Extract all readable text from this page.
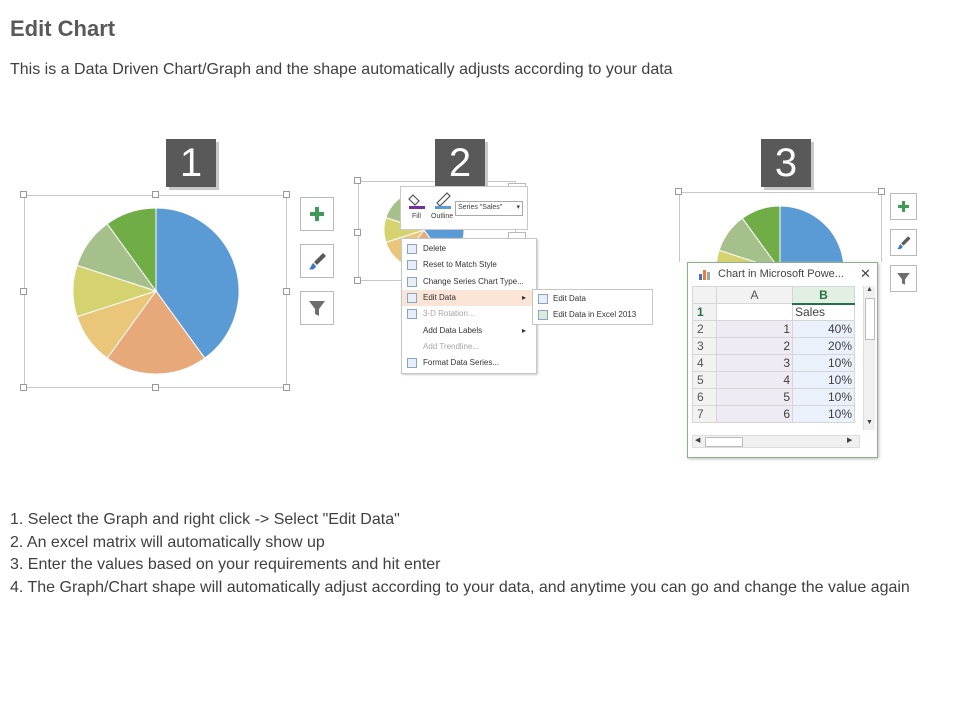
Edit Chart
This is a Data Driven Chart/Graph and the shape automatically adjusts according to your data
1	2
Fill Outline
Series "Sales" ▾
Delete
Reset to Match Style
Change Series Chart Type...
Edit Data	▸
3-D Rotation...
Add Data Labels	▸
Add Trendline...
Format Data Series...
Edit Data
Edit Data in Excel 2013
3
Chart in Microsoft Powe... ✕
	A	B
1		Sales
2	1	40%
3	2	20%
4	3	10%
5	4	10%
6	5	10%
7	6	10%
▲
▼
◀	▶
1. Select the Graph and right click -> Select "Edit Data"
2. An excel matrix will automatically show up
3. Enter the values based on your requirements and hit enter
4. The Graph/Chart shape will automatically adjust according to your data, and anytime you can go and change the value again
